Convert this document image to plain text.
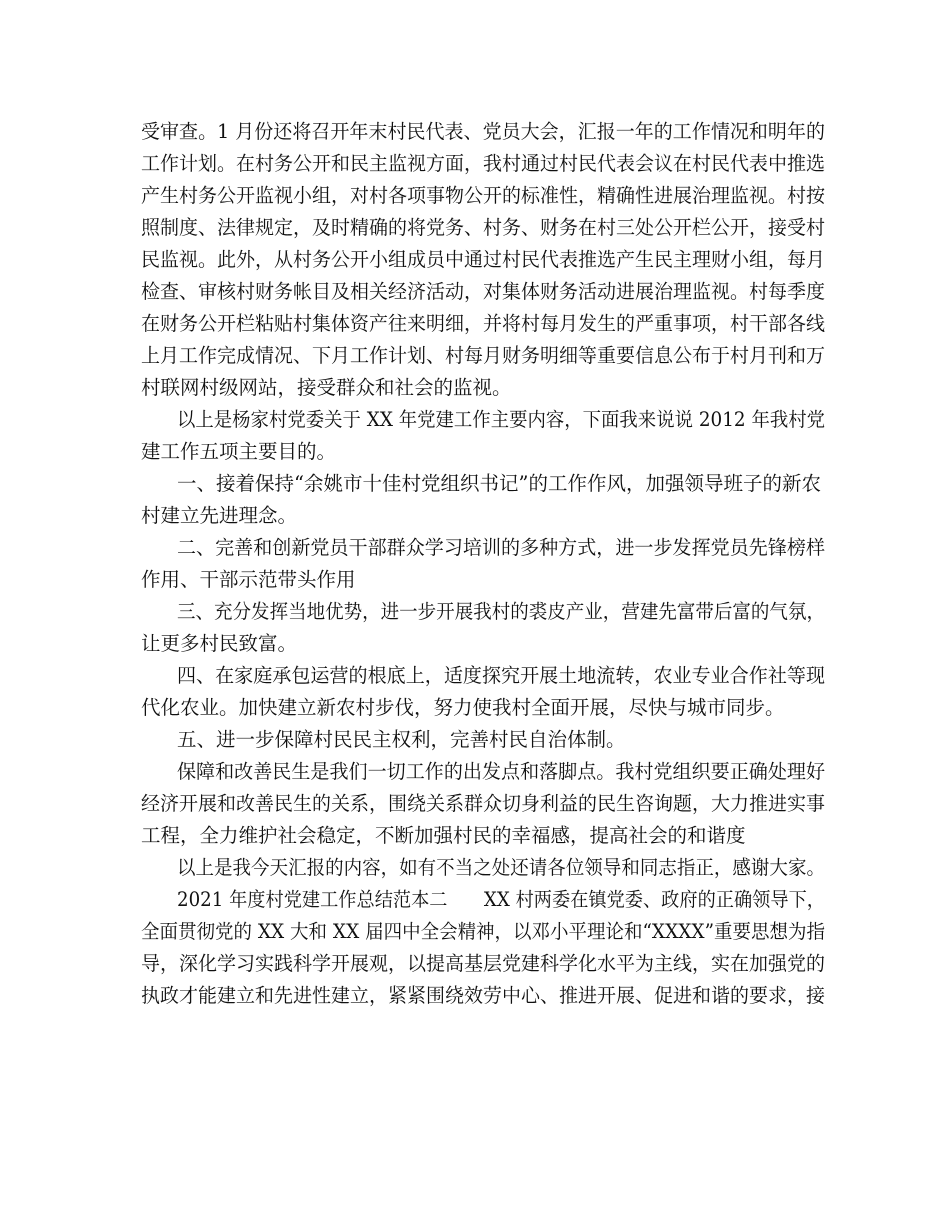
受审查。1 月份还将召开年末村民代表、党员大会，汇报一年的工作情况和明年的
工作计划。在村务公开和民主监视方面，我村通过村民代表会议在村民代表中推选
产生村务公开监视小组，对村各项事物公开的标准性，精确性进展治理监视。村按
照制度、法律规定，及时精确的将党务、村务、财务在村三处公开栏公开，接受村
民监视。此外，从村务公开小组成员中通过村民代表推选产生民主理财小组，每月
检查、审核村财务帐目及相关经济活动，对集体财务活动进展治理监视。村每季度
在财务公开栏粘贴村集体资产往来明细，并将村每月发生的严重事项，村干部各线
上月工作完成情况、下月工作计划、村每月财务明细等重要信息公布于村月刊和万
村联网村级网站，接受群众和社会的监视。
以上是杨家村党委关于 XX 年党建工作主要内容，下面我来说说 2012 年我村党
建工作五项主要目的。
一、接着保持“余姚市十佳村党组织书记”的工作作风，加强领导班子的新农
村建立先进理念。
二、完善和创新党员干部群众学习培训的多种方式，进一步发挥党员先锋榜样
作用、干部示范带头作用
三、充分发挥当地优势，进一步开展我村的裘皮产业，营建先富带后富的气氛，
让更多村民致富。
四、在家庭承包运营的根底上，适度探究开展土地流转，农业专业合作社等现
代化农业。加快建立新农村步伐，努力使我村全面开展，尽快与城市同步。
五、进一步保障村民民主权利，完善村民自治体制。
保障和改善民生是我们一切工作的出发点和落脚点。我村党组织要正确处理好
经济开展和改善民生的关系，围绕关系群众切身利益的民生咨询题，大力推进实事
工程，全力维护社会稳定，不断加强村民的幸福感，提高社会的和谐度
以上是我今天汇报的内容，如有不当之处还请各位领导和同志指正，感谢大家。
2021 年度村党建工作总结范本二　　XX 村两委在镇党委、政府的正确领导下，
全面贯彻党的 XX 大和 XX 届四中全会精神，以邓小平理论和“XXXX”重要思想为指
导，深化学习实践科学开展观，以提高基层党建科学化水平为主线，实在加强党的
执政才能建立和先进性建立，紧紧围绕效劳中心、推进开展、促进和谐的要求，接
